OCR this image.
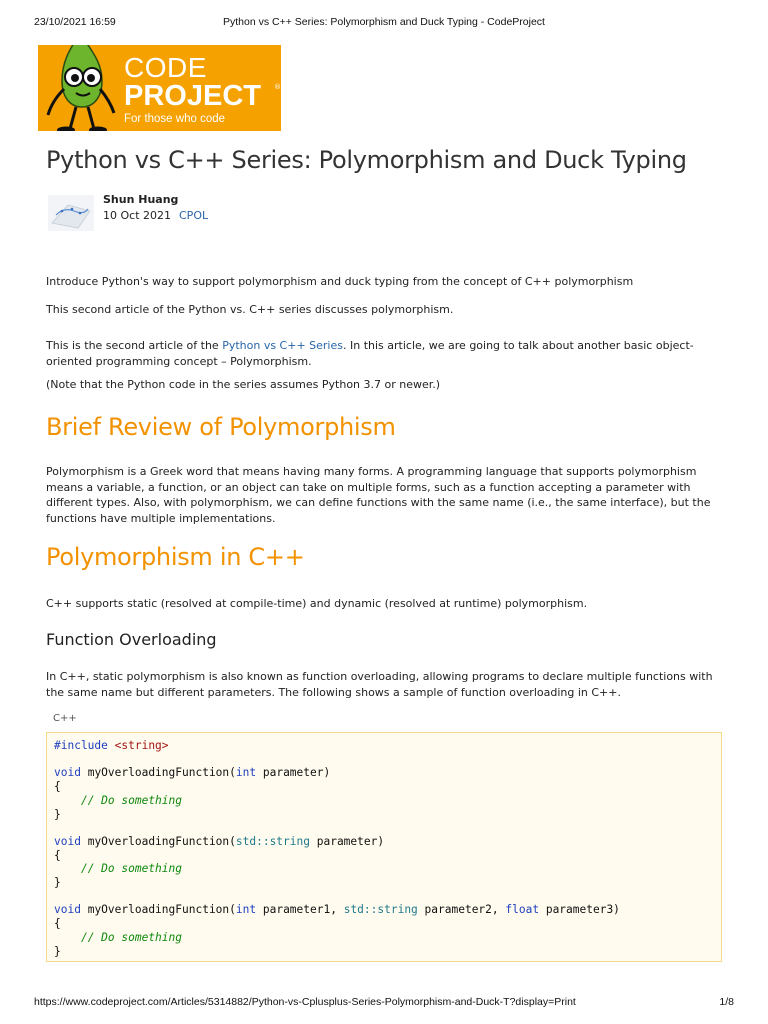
23/10/2021 16:59	Python vs C++ Series: Polymorphism and Duck Typing - CodeProject
CODE
PROJECT ®
For those who code
Python vs C++ Series: Polymorphism and Duck Typing
Shun Huang
10 Oct 2021 CPOL

Introduce Python's way to support polymorphism and duck typing from the concept of C++ polymorphism

This second article of the Python vs. C++ series discusses polymorphism.

This is the second article of the Python vs C++ Series. In this article, we are going to talk about another basic object-oriented programming concept – Polymorphism.

(Note that the Python code in the series assumes Python 3.7 or newer.)

Brief Review of Polymorphism

Polymorphism is a Greek word that means having many forms. A programming language that supports polymorphism means a variable, a function, or an object can take on multiple forms, such as a function accepting a parameter with different types. Also, with polymorphism, we can define functions with the same name (i.e., the same interface), but the functions have multiple implementations.

Polymorphism in C++

C++ supports static (resolved at compile-time) and dynamic (resolved at runtime) polymorphism.

Function Overloading

In C++, static polymorphism is also known as function overloading, allowing programs to declare multiple functions with the same name but different parameters. The following shows a sample of function overloading in C++.

C++
#include <string>

void myOverloadingFunction(int parameter)
{
// Do something
}

void myOverloadingFunction(std::string parameter)
{
// Do something
}

void myOverloadingFunction(int parameter1, std::string parameter2, float parameter3)
{
// Do something
}
https://www.codeproject.com/Articles/5314882/Python-vs-Cplusplus-Series-Polymorphism-and-Duck-T?display=Print	1/8
